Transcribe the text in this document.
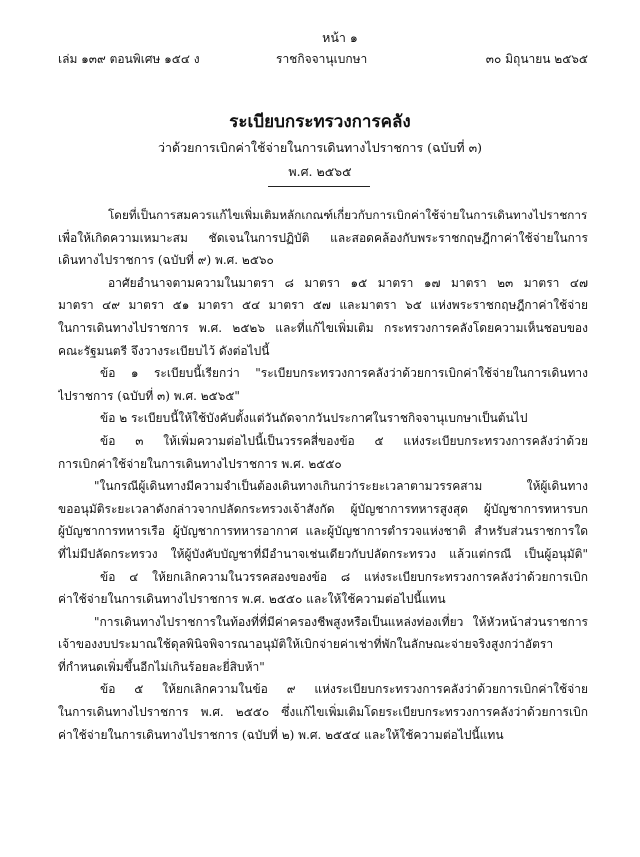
หน้า ๑
เล่ม ๑๓๙ ตอนพิเศษ ๑๕๔ ง	ราชกิจจานุเบกษา	๓๐ มิถุนายน ๒๕๖๕
ระเบียบกระทรวงการคลัง
ว่าด้วยการเบิกค่าใช้จ่ายในการเดินทางไปราชการ (ฉบับที่ ๓)
พ.ศ. ๒๕๖๕
โดยที่เป็นการสมควรแก้ไขเพิ่มเติมหลักเกณฑ์เกี่ยวกับการเบิกค่าใช้จ่ายในการเดินทางไปราชการ
เพื่อให้เกิดความเหมาะสม ชัดเจนในการปฏิบัติ และสอดคล้องกับพระราชกฤษฎีกาค่าใช้จ่ายในการ
เดินทางไปราชการ (ฉบับที่ ๙) พ.ศ. ๒๕๖๐
อาศัยอำนาจตามความในมาตรา ๘ มาตรา ๑๕ มาตรา ๑๗ มาตรา ๒๓ มาตรา ๔๗
มาตรา ๔๙ มาตรา ๕๑ มาตรา ๕๔ มาตรา ๕๗ และมาตรา ๖๕ แห่งพระราชกฤษฎีกาค่าใช้จ่าย
ในการเดินทางไปราชการ พ.ศ. ๒๕๒๖ และที่แก้ไขเพิ่มเติม กระทรวงการคลังโดยความเห็นชอบของ
คณะรัฐมนตรี จึงวางระเบียบไว้ ดังต่อไปนี้
ข้อ ๑ ระเบียบนี้เรียกว่า "ระเบียบกระทรวงการคลังว่าด้วยการเบิกค่าใช้จ่ายในการเดินทาง
ไปราชการ (ฉบับที่ ๓) พ.ศ. ๒๕๖๕"
ข้อ ๒ ระเบียบนี้ให้ใช้บังคับตั้งแต่วันถัดจากวันประกาศในราชกิจจานุเบกษาเป็นต้นไป
ข้อ ๓ ให้เพิ่มความต่อไปนี้เป็นวรรคสี่ของข้อ ๕ แห่งระเบียบกระทรวงการคลังว่าด้วย
การเบิกค่าใช้จ่ายในการเดินทางไปราชการ พ.ศ. ๒๕๕๐
"ในกรณีผู้เดินทางมีความจำเป็นต้องเดินทางเกินกว่าระยะเวลาตามวรรคสาม ให้ผู้เดินทาง
ขออนุมัติระยะเวลาดังกล่าวจากปลัดกระทรวงเจ้าสังกัด ผู้บัญชาการทหารสูงสุด ผู้บัญชาการทหารบก
ผู้บัญชาการทหารเรือ ผู้บัญชาการทหารอากาศ และผู้บัญชาการตำรวจแห่งชาติ สำหรับส่วนราชการใด
ที่ไม่มีปลัดกระทรวง ให้ผู้บังคับบัญชาที่มีอำนาจเช่นเดียวกับปลัดกระทรวง แล้วแต่กรณี เป็นผู้อนุมัติ"
ข้อ ๔ ให้ยกเลิกความในวรรคสองของข้อ ๘ แห่งระเบียบกระทรวงการคลังว่าด้วยการเบิก
ค่าใช้จ่ายในการเดินทางไปราชการ พ.ศ. ๒๕๕๐ และให้ใช้ความต่อไปนี้แทน
"การเดินทางไปราชการในท้องที่ที่มีค่าครองชีพสูงหรือเป็นแหล่งท่องเที่ยว ให้หัวหน้าส่วนราชการ
เจ้าของงบประมาณใช้ดุลพินิจพิจารณาอนุมัติให้เบิกจ่ายค่าเช่าที่พักในลักษณะจ่ายจริงสูงกว่าอัตรา
ที่กำหนดเพิ่มขึ้นอีกไม่เกินร้อยละยี่สิบห้า"
ข้อ ๕ ให้ยกเลิกความในข้อ ๙ แห่งระเบียบกระทรวงการคลังว่าด้วยการเบิกค่าใช้จ่าย
ในการเดินทางไปราชการ พ.ศ. ๒๕๕๐ ซึ่งแก้ไขเพิ่มเติมโดยระเบียบกระทรวงการคลังว่าด้วยการเบิก
ค่าใช้จ่ายในการเดินทางไปราชการ (ฉบับที่ ๒) พ.ศ. ๒๕๕๔ และให้ใช้ความต่อไปนี้แทน
